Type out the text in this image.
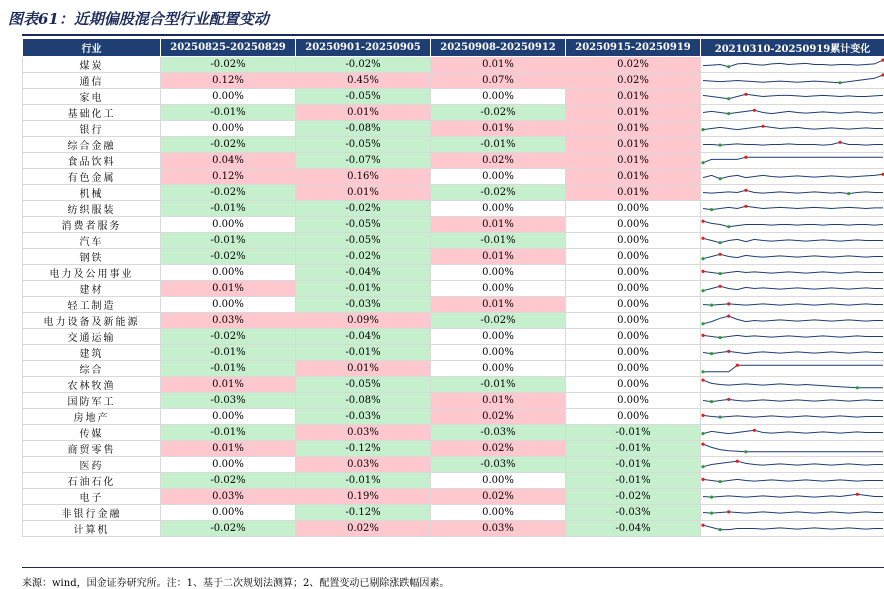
图表61：近期偏股混合型行业配置变动
行业	20250825-20250829	20250901-20250905	20250908-20250912	20250915-20250919	20210310-20250919累计变化
煤炭	-0.02%	-0.02%	0.01%	0.02%	

通信	0.12%	0.45%	0.07%	0.02%	

家电	0.00%	-0.05%	0.00%	0.01%	

基础化工	-0.01%	0.01%	-0.02%	0.01%	

银行	0.00%	-0.08%	0.01%	0.01%	

综合金融	-0.02%	-0.05%	-0.01%	0.01%	

食品饮料	0.04%	-0.07%	0.02%	0.01%	

有色金属	0.12%	0.16%	0.00%	0.01%	

机械	-0.02%	0.01%	-0.02%	0.01%	

纺织服装	-0.01%	-0.02%	0.00%	0.00%	

消费者服务	0.00%	-0.05%	0.01%	0.00%	

汽车	-0.01%	-0.05%	-0.01%	0.00%	

钢铁	-0.02%	-0.02%	0.01%	0.00%	

电力及公用事业	0.00%	-0.04%	0.00%	0.00%	

建材	0.01%	-0.01%	0.00%	0.00%	

轻工制造	0.00%	-0.03%	0.01%	0.00%	

电力设备及新能源	0.03%	0.09%	-0.02%	0.00%	

交通运输	-0.02%	-0.04%	0.00%	0.00%	

建筑	-0.01%	-0.01%	0.00%	0.00%	

综合	-0.01%	0.01%	0.00%	0.00%	

农林牧渔	0.01%	-0.05%	-0.01%	0.00%	

国防军工	-0.03%	-0.08%	0.01%	0.00%	

房地产	0.00%	-0.03%	0.02%	0.00%	

传媒	-0.01%	0.03%	-0.03%	-0.01%	

商贸零售	0.01%	-0.12%	0.02%	-0.01%	

医药	0.00%	0.03%	-0.03%	-0.01%	

石油石化	-0.02%	-0.01%	0.00%	-0.01%	

电子	0.03%	0.19%	0.02%	-0.02%	

非银行金融	0.00%	-0.12%	0.00%	-0.03%	

计算机	-0.02%	0.02%	0.03%	-0.04%	
来源：wind，国金证券研究所。注：1、基于二次规划法测算；2、配置变动已剔除涨跌幅因素。
